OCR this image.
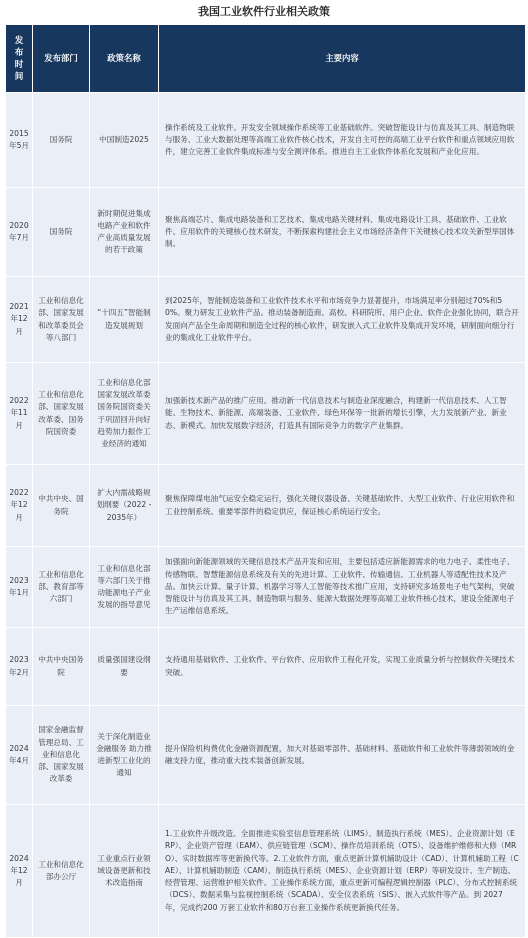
我国工业软件行业相关政策
发布时间	发布部门	政策名称	主要内容
2015年5月	国务院	中国制造2025	操作系统及工业软件。开发安全领域操作系统等工业基础软件。突破智能设计与仿真及其工具、制造物联与服务、工业大数据处理等高端工业软件核心技术，开发自主可控的高端工业平台软件和重点领域应用软件，建立完善工业软件集成标准与安全测评体系。推进自主工业软件体系化发展和产业化应用。
2020年7月	国务院	新时期促进集成电路产业和软件产业高质量发展的若干政策	聚焦高端芯片、集成电路装备和工艺技术、集成电路关键材料、集成电路设计工具、基础软件、工业软件、应用软件的关键核心技术研发，不断探索构建社会主义市场经济条件下关键核心技术攻关新型举国体制。
2021年12月	工业和信息化部、国家发展和改革委员会等八部门	“十四五”智能制造发展规划	到2025年，智能制造装备和工业软件技术水平和市场竞争力显著提升，市场满足率分别超过70%和50%。聚力研发工业软件产品。推动装备制造商、高校、科研院所、用户企业、软件企业强化协同，联合开发面向产品全生命周期和制造全过程的核心软件，研发嵌入式工业软件及集成开发环境，研制面向细分行业的集成化工业软件平台。
2022年11月	工业和信息化部、国家发展改革委、国务院国资委	工业和信息化部 国家发展改革委 国务院国资委关于巩固回升向好趋势加力振作工业经济的通知	加强新技术新产品的推广应用。推动新一代信息技术与制造业深度融合，构建新一代信息技术、人工智能、生物技术、新能源、高端装备、工业软件、绿色环保等一批新的增长引擎，大力发展新产业、新业态、新模式。加快发展数字经济，打造具有国际竞争力的数字产业集群。
2022年12月	中共中央、国务院	扩大内需战略规划纲要（2022 - 2035年）	聚焦保障煤电油气运安全稳定运行，强化关键仪器设备、关键基础软件、大型工业软件、行业应用软件和工业控制系统、重要零部件的稳定供应，保证核心系统运行安全。
2023年1月	工业和信息化部、教育部等六部门	工业和信息化部等六部门关于推动能源电子产业发展的指导意见	加强面向新能源领域的关键信息技术产品开发和应用，主要包括适应新能源需求的电力电子、柔性电子、传感物联、智慧能源信息系统及有关的先进计算、工业软件、传输通信、工业机器人等适配性技术及产品。加快云计算、量子计算、机器学习等人工智能等技术推广应用，支持研究多场景电子电气架构，突破智能设计与仿真及其工具、制造物联与服务、能源大数据处理等高端工业软件核心技术，建设全能源电子生产运维信息系统。
2023年2月	中共中央国务院	质量强国建设纲要	支持通用基础软件、工业软件、平台软件、应用软件工程化开发，实现工业质量分析与控制软件关键技术突破。
2024年4月	国家金融监督管理总局、工业和信息化部、国家发展改革委	关于深化制造业金融服务 助力推进新型工业化的通知	提升保险机构费优化金融资源配置，加大对基础零部件、基础材料、基础软件和工业软件等薄弱领域的金融支持力度，推动重大技术装备创新发展。
2024年12月	工业和信息化部办公厅	工业重点行业领域设备更新和技术改造指南	1.工业软件升级改造。全面推进实验室信息管理系统（LIMS）、制造执行系统（MES）、企业资源计划（ERP）、企业资产管理（EAM）、供应链管理（SCM）、操作员培训系统（OTS）、设备维护维修和大修（MRO）、实时数据库等更新换代等。2.工业软件方面，重点更新计算机辅助设计（CAD）、计算机辅助工程（CAE）、计算机辅助制造（CAM）、制造执行系统（MES）、企业资源计划（ERP）等研发设计、生产制造、经营管理、运营维护相关软件。工业操作系统方面，重点更新可编程逻辑控制器（PLC）、分布式控制系统（DCS）、数据采集与监视控制系统（SCADA）、安全仪表系统（SIS）、嵌入式软件等产品。到 2027 年，完成约200 万套工业软件和80万台套工业操作系统更新换代任务。
